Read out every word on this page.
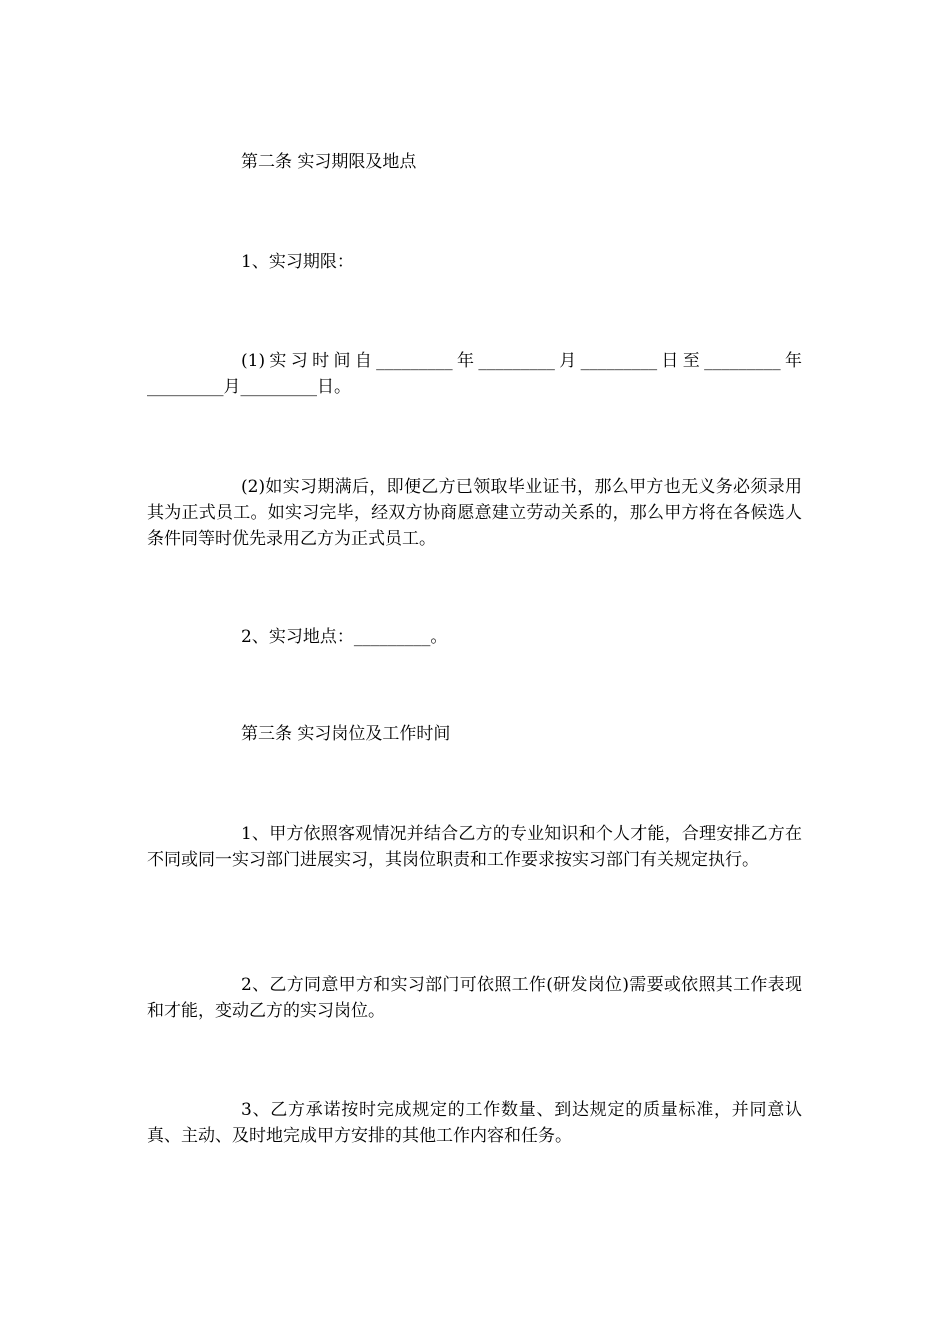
第二条 实习期限及地点

1、实习期限：

(1)实习时间自_________年_________月_________日至_________年_________月_________日。

(2)如实习期满后，即便乙方已领取毕业证书，那么甲方也无义务必须录用其为正式员工。如实习完毕，经双方协商愿意建立劳动关系的，那么甲方将在各候选人条件同等时优先录用乙方为正式员工。

2、实习地点：_________。

第三条 实习岗位及工作时间

1、甲方依照客观情况并结合乙方的专业知识和个人才能，合理安排乙方在不同或同一实习部门进展实习，其岗位职责和工作要求按实习部门有关规定执行。

2、乙方同意甲方和实习部门可依照工作(研发岗位)需要或依照其工作表现和才能，变动乙方的实习岗位。

3、乙方承诺按时完成规定的工作数量、到达规定的质量标准，并同意认真、主动、及时地完成甲方安排的其他工作内容和任务。
